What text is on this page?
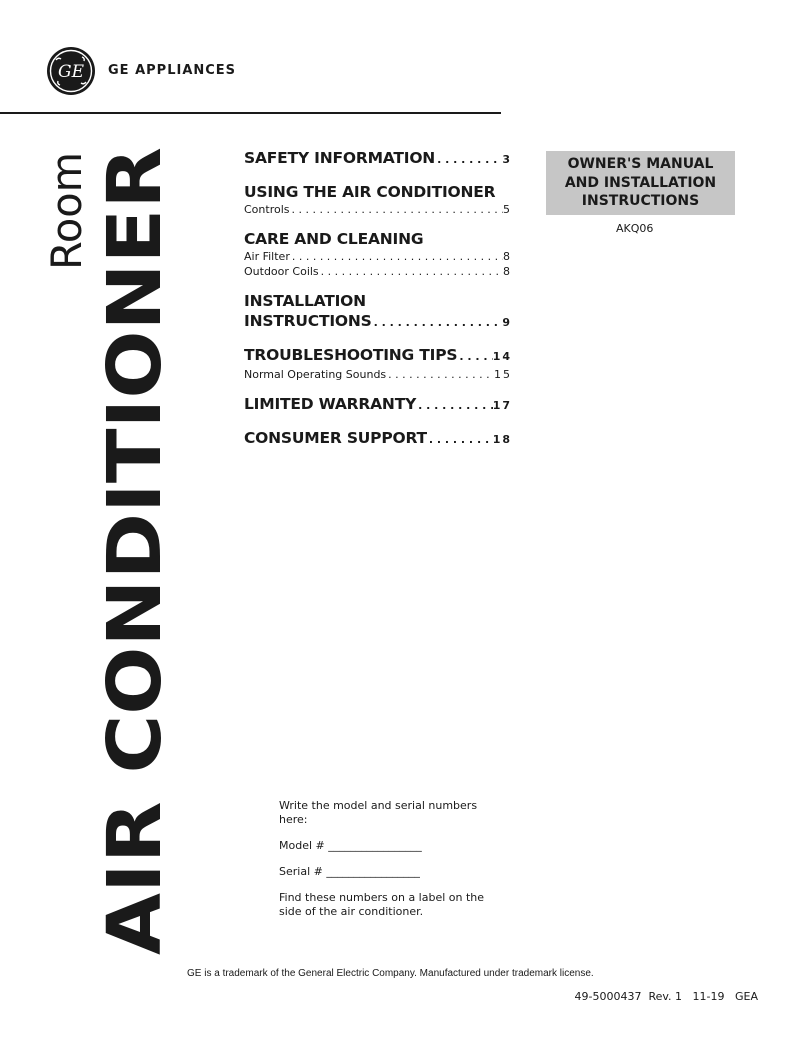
GE GE APPLIANCES
Room AIR CONDITIONER
SAFETY INFORMATION . . .	3
USING THE AIR CONDITIONER
Controls . . .	5
CARE AND CLEANING
Air Filter . . .	8
Outdoor Coils . . .	8
INSTALLATION
INSTRUCTIONS . . .	9
TROUBLESHOOTING TIPS . . .	14
Normal Operating Sounds . . .	15
LIMITED WARRANTY . . .	17
CONSUMER SUPPORT . . .	18
OWNER'S MANUAL
AND INSTALLATION
INSTRUCTIONS
AKQ06
Write the model and serial numbers here:
Model # _________________
Serial # _________________
Find these numbers on a label on the side of the air conditioner.
GE is a trademark of the General Electric Company. Manufactured under trademark license.
49-5000437  Rev. 1   11-19   GEA
